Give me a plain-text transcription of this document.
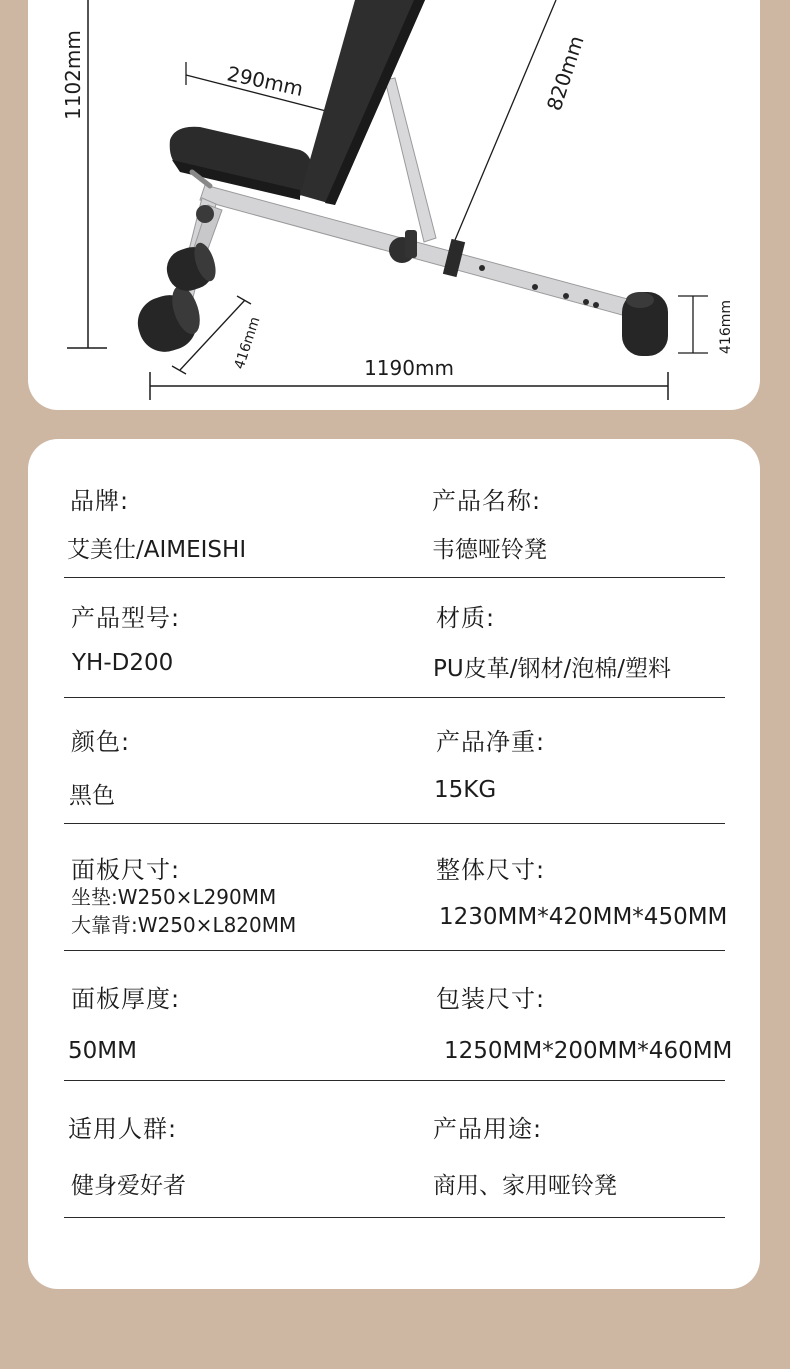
1102mm	290mm	820mm
416mm	416mm
1190mm
品牌:
艾美仕/AIMEISHI
产品名称:
韦德哑铃凳
产品型号:
YH-D200
材质:
PU皮革/钢材/泡棉/塑料
颜色:
黑色
产品净重:
15KG
面板尺寸:
坐垫:W250×L290MM
大靠背:W250×L820MM
整体尺寸:
1230MM*420MM*450MM
面板厚度:
50MM
包装尺寸:
1250MM*200MM*460MM
适用人群:
健身爱好者
产品用途:
商用、家用哑铃凳
